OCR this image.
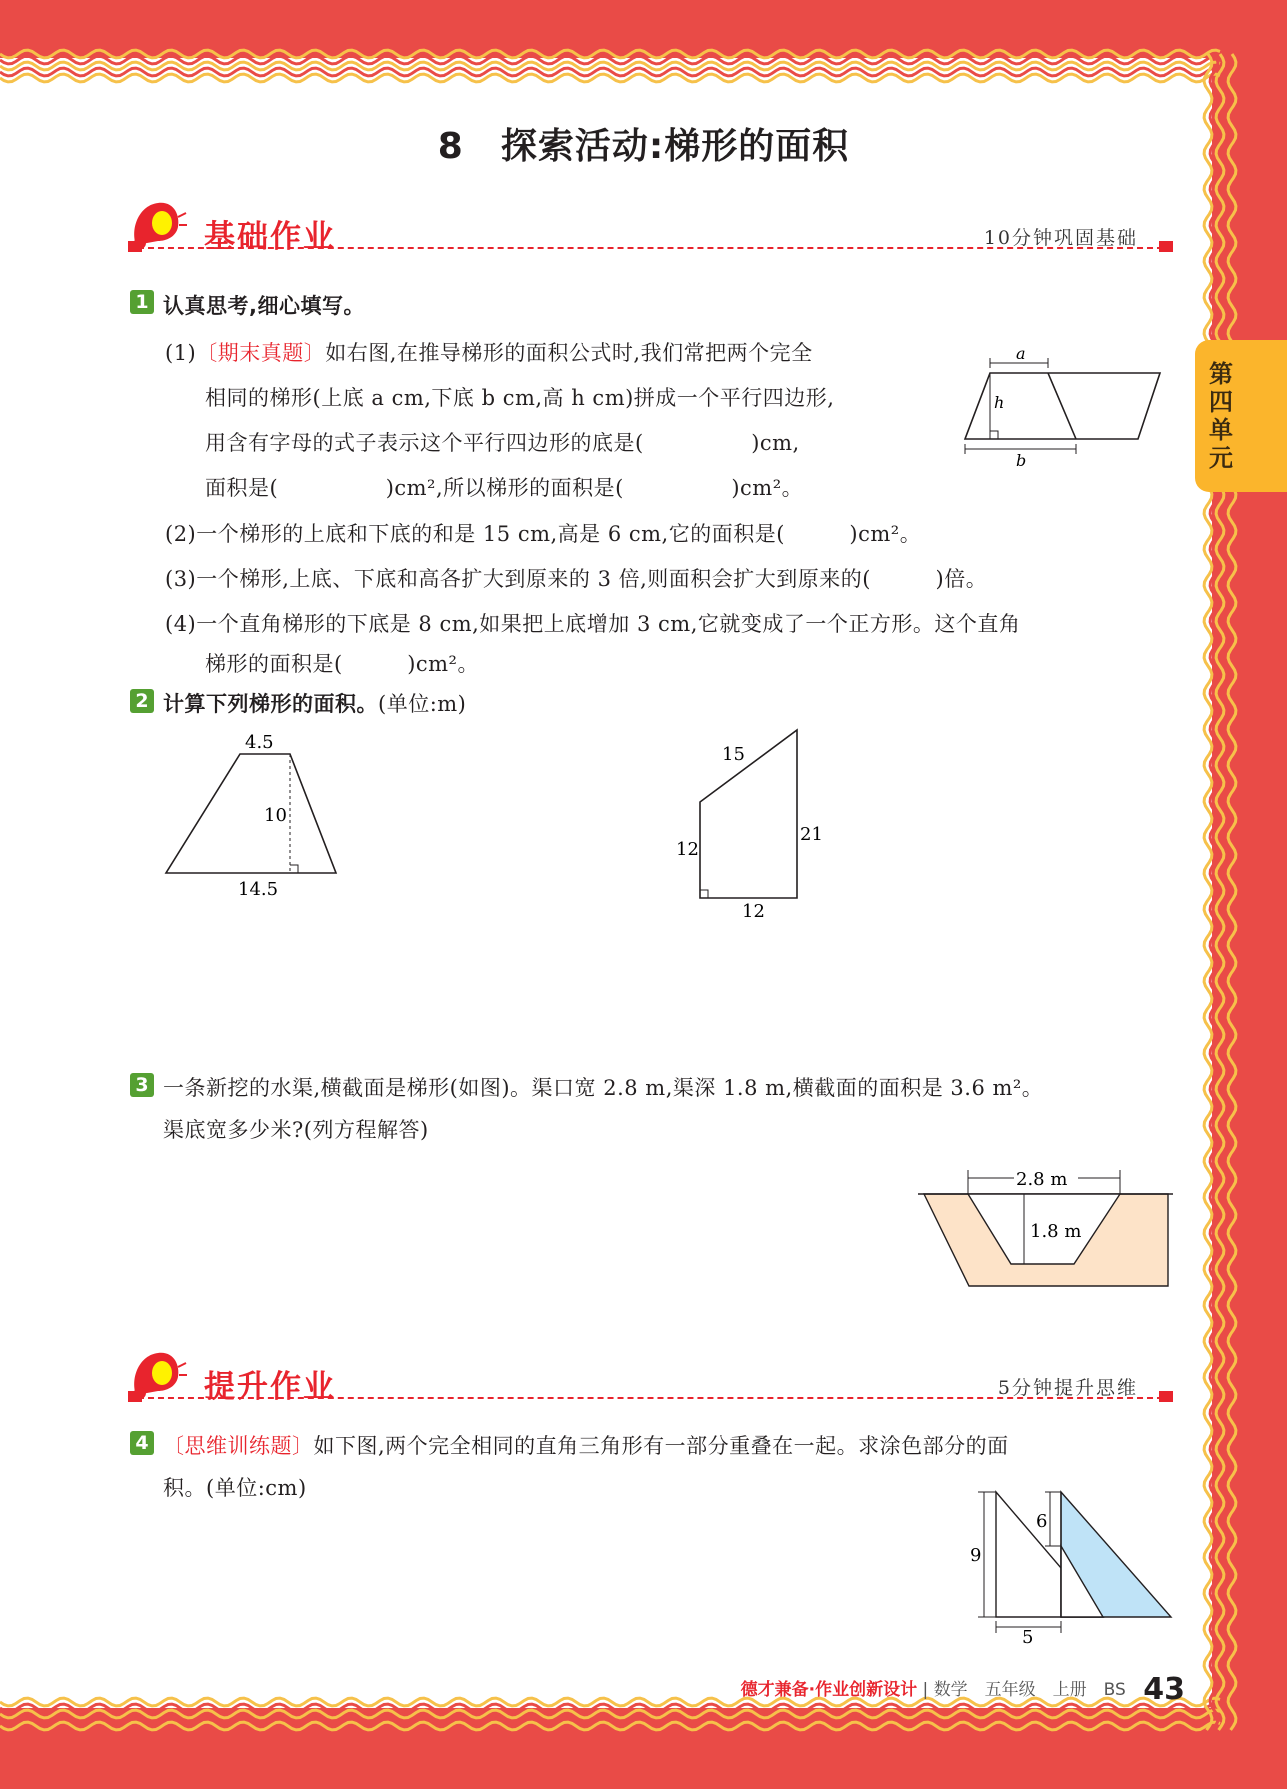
8　探索活动:梯形的面积
第四单元
基础作业	10分钟巩固基础
1 认真思考,细心填写。
(1)〔期末真题〕如右图,在推导梯形的面积公式时,我们常把两个完全
相同的梯形(上底 a cm,下底 b cm,高 h cm)拼成一个平行四边形,
用含有字母的式子表示这个平行四边形的底是(　　　　　)cm,
面积是(　　　　　)cm²,所以梯形的面积是(　　　　　)cm²。
(2)一个梯形的上底和下底的和是 15 cm,高是 6 cm,它的面积是(　　　)cm²。
(3)一个梯形,上底、下底和高各扩大到原来的 3 倍,则面积会扩大到原来的(　　　)倍。
(4)一个直角梯形的下底是 8 cm,如果把上底增加 3 cm,它就变成了一个正方形。这个直角
梯形的面积是(　　　)cm²。
a
h
b
2 计算下列梯形的面积。(单位:m)
4.5
10
14.5
15
12
21
12
3 一条新挖的水渠,横截面是梯形(如图)。渠口宽 2.8 m,渠深 1.8 m,横截面的面积是 3.6 m²。
渠底宽多少米?(列方程解答)
2.8 m
1.8 m
提升作业	5分钟提升思维
4 〔思维训练题〕如下图,两个完全相同的直角三角形有一部分重叠在一起。求涂色部分的面
积。(单位:cm)
9
6
5
德才兼备·作业创新设计 | 数学　五年级　上册　BS 43
